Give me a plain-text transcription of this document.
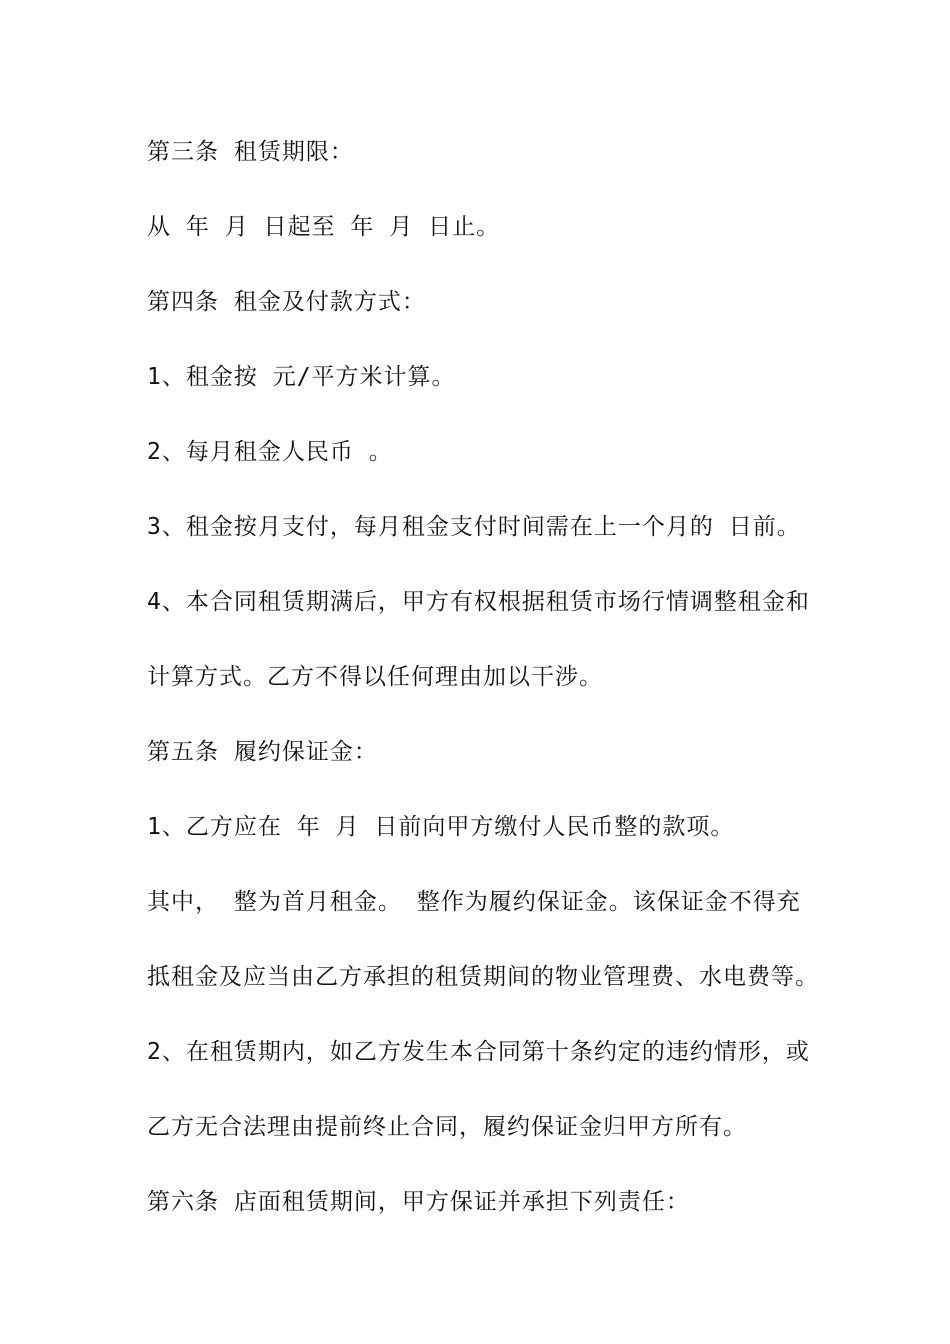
第三条 租赁期限：
从 年 月 日起至 年 月 日止。
第四条 租金及付款方式：
1、租金按 元/平方米计算。
2、每月租金人民币 。
3、租金按月支付，每月租金支付时间需在上一个月的 日前。
4、本合同租赁期满后，甲方有权根据租赁市场行情调整租金和
计算方式。乙方不得以任何理由加以干涉。
第五条 履约保证金：
1、乙方应在 年 月 日前向甲方缴付人民币整的款项。
其中， 整为首月租金。 整作为履约保证金。该保证金不得充
抵租金及应当由乙方承担的租赁期间的物业管理费、水电费等。
2、在租赁期内，如乙方发生本合同第十条约定的违约情形，或
乙方无合法理由提前终止合同，履约保证金归甲方所有。
第六条 店面租赁期间，甲方保证并承担下列责任：
